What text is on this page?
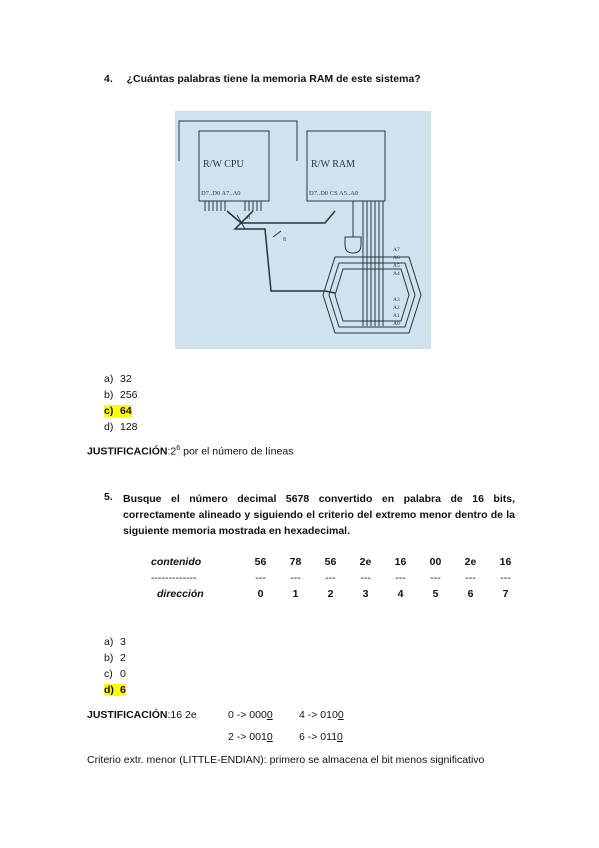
4. ¿Cuántas palabras tiene la memoria RAM de este sistema?
R/W CPU
D7..D0 A7..A0
R/W RAM
D7..D0 CS A5..A0
8
8
A7
A6
A5
A4
A3
A2
A1
A0
a) 32
b) 256
c) 64
d) 128
$JUSTIFICACIÓN:2^6$ por el número de líneas
5. Busque el número decimal 5678 convertido en palabra de 16 bits,
correctamente alineado y siguiendo el criterio del extremo menor dentro de la
siguiente memoria mostrada en hexadecimal.
contenido	56	78	56	2e	16	00	2e	16
-------------	---	---	---	---	---	---	---	---
dirección	0	1	2	3	4	5	6	7
a) 3
b) 2
c) 0
d) 6
JUSTIFICACIÓN:16 2e	0 -> 0000	4 -> 0100
2 -> 0010	6 -> 0110
Criterio extr. menor (LITTLE-ENDIAN): primero se almacena el bit menos significativo
